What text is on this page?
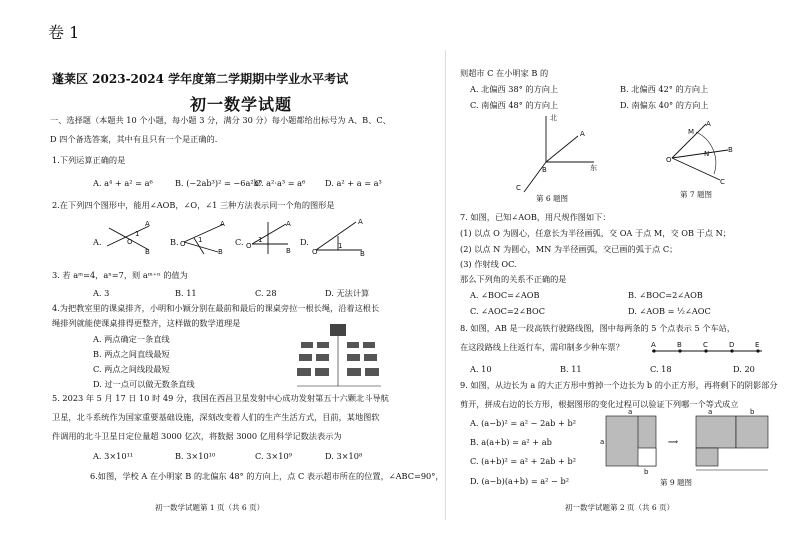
卷 1
蓬莱区 2023-2024 学年度第二学期期中学业水平考试
初一数学试题
一、选择题（本题共 10 个小题，每小题 3 分，满分 30 分）每小题都给出标号为 A、B、C、
D 四个备选答案，其中有且只有一个是正确的.
1.下列运算正确的是
A. a⁴ + a² = a⁶	B. (−2ab³)² = −6a²b⁶
C. a²·a³ = a⁶ D. a² + a = a³
2.在下列四个图形中，能用∠AOB，∠O，∠1 三种方法表示同一个角的图形是
A.	B.	C.	D.
A
O
B
1
A
O
B
1
A
O
B
1
A
O	B
1
3. 若 aᵐ=4，aⁿ=7，则 aᵐ⁺ⁿ 的值为
A. 3	B. 11	C. 28	D. 无法计算
4.为把教室里的课桌排齐，小明和小颖分别在最前和最后的课桌旁拉一根长绳，沿着这根长
绳排列就能使课桌排得更整齐，这样做的数学道理是
A. 两点确定一条直线
B. 两点之间直线最短
C. 两点之间线段最短
D. 过一点可以做无数条直线
5. 2023 年 5 月 17 日 10 时 49 分，我国在西昌卫星发射中心成功发射第五十六颗北斗导航
卫星，北斗系统作为国家重要基础设施，深刻改变着人们的生产生活方式，目前，某地图软
件调用的北斗卫星日定位量超 3000 亿次，将数据 3000 亿用科学记数法表示为
A. 3×10¹¹	B. 3×10¹⁰	C. 3×10⁹	D. 3×10⁸
6.如图，学校 A 在小明家 B 的北偏东 48° 的方向上，点 C 表示超市所在的位置，∠ABC=90°，
初一数学试题第 1 页（共 6 页）
则超市 C 在小明家 B 的
A. 北偏西 38° 的方向上	B. 北偏西 42° 的方向上
C. 南偏西 48° 的方向上	D. 南偏东 40° 的方向上
北
东
A
B
C
第 6 题图
A
M
O
N	B
C
第 7 题图
7. 如图，已知∠AOB，用尺规作图如下：
(1) 以点 O 为圆心，任意长为半径画弧，交 OA 于点 M，交 OB 于点 N；
(2) 以点 N 为圆心，MN 为半径画弧，交已画的弧于点 C；
(3) 作射线 OC.
那么下列角的关系不正确的是
A. ∠BOC=∠AOB	B. ∠BOC=2∠AOB
C. ∠AOC=2∠BOC	D. ∠AOB = ½∠AOC
8. 如图，AB 是一段高铁行驶路线图，图中每两条的 5 个点表示 5 个车站，
在这段路线上往返行车，需印制多少种车票？	A	B	C	D	E
A. 10	B. 11	C. 18	D. 20
9. 如图，从边长为 a 的大正方形中剪掉一个边长为 b 的小正方形，再将剩下的阴影部分
剪开，拼成右边的长方形，根据图形的变化过程可以验证下列哪一个等式成立
A. (a−b)² = a² − 2ab + b²
B. a(a+b) = a² + ab
C. (a+b)² = a² + 2ab + b²
D. (a−b)(a+b) = a² − b²
a
a
b
⟹
a	b
第 9 题图
初一数学试题第 2 页（共 6 页）
